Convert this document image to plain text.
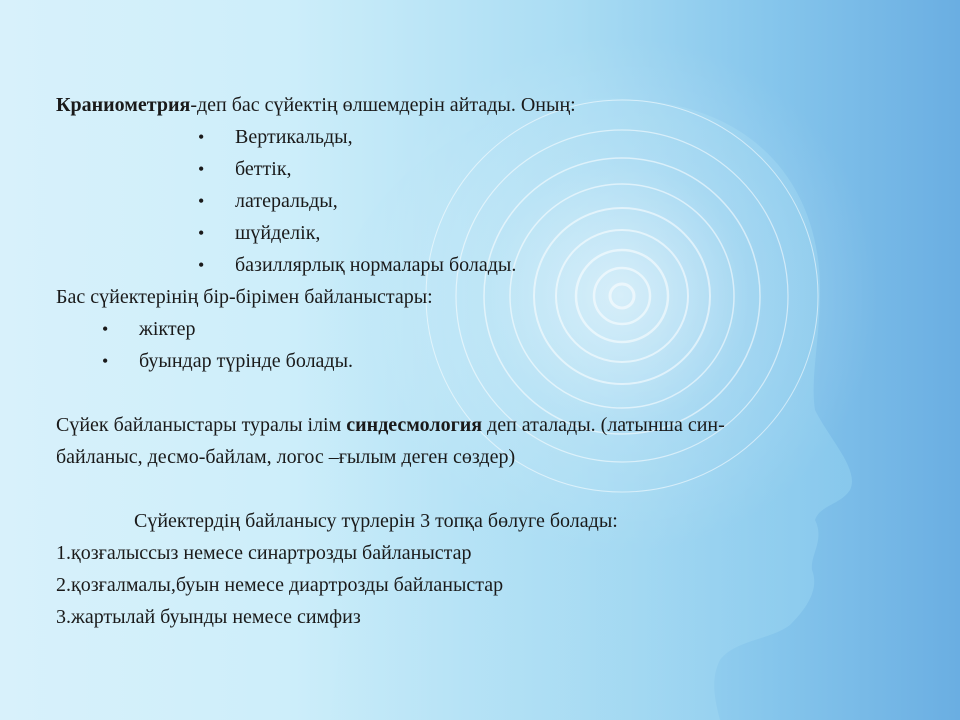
Краниометрия-деп бас сүйектің өлшемдерін айтады. Оның:
• Вертикальды,
• беттік,
• латеральды,
• шүйделік,
• базиллярлық нормалары болады.
Бас сүйектерінің бір-бірімен байланыстары:
• жіктер
• буындар түрінде болады.
Сүйек байланыстары туралы ілім синдесмология деп аталады. (латынша син-
байланыс, десмо-байлам, логос –ғылым деген сөздер)
Сүйектердің байланысу түрлерін 3 топқа бөлуге болады:
1.қозғалыссыз немесе синартрозды байланыстар
2.қозғалмалы,буын немесе диартрозды байланыстар
3.жартылай буынды немесе симфиз
